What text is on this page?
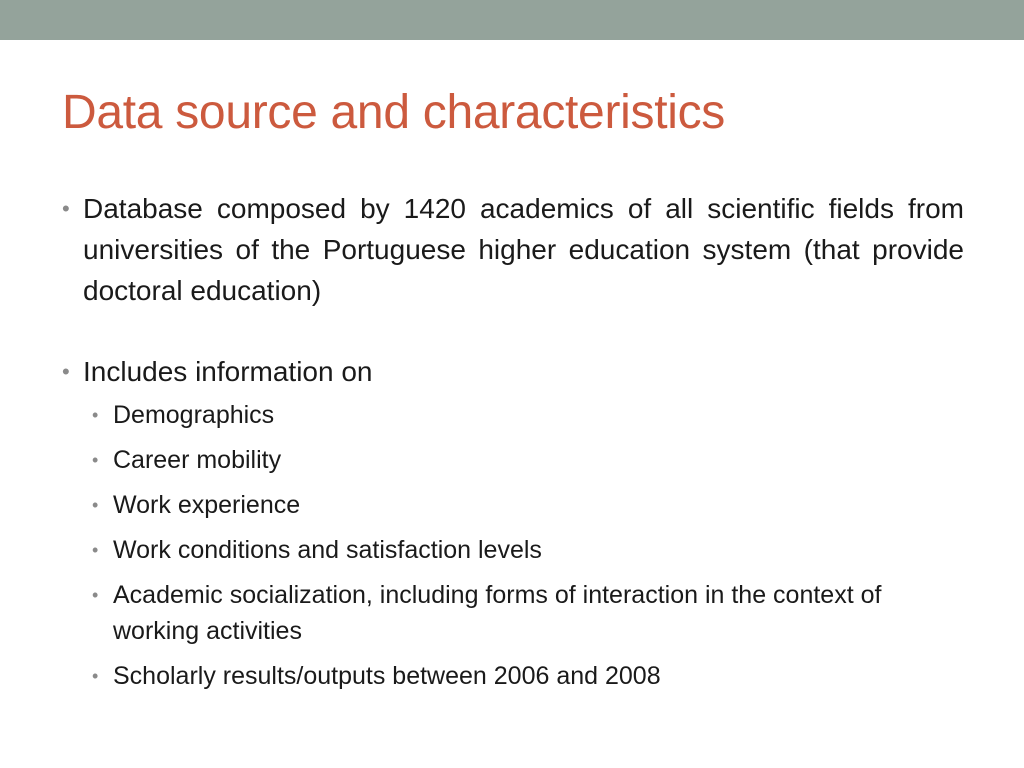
Data source and characteristics
• Database composed by 1420 academics of all scientific fields from universities of the Portuguese higher education system (that provide doctoral education)
• Includes information on
• Demographics
• Career mobility
• Work experience
• Work conditions and satisfaction levels
• Academic socialization, including forms of interaction in the context of working activities
• Scholarly results/outputs between 2006 and 2008
